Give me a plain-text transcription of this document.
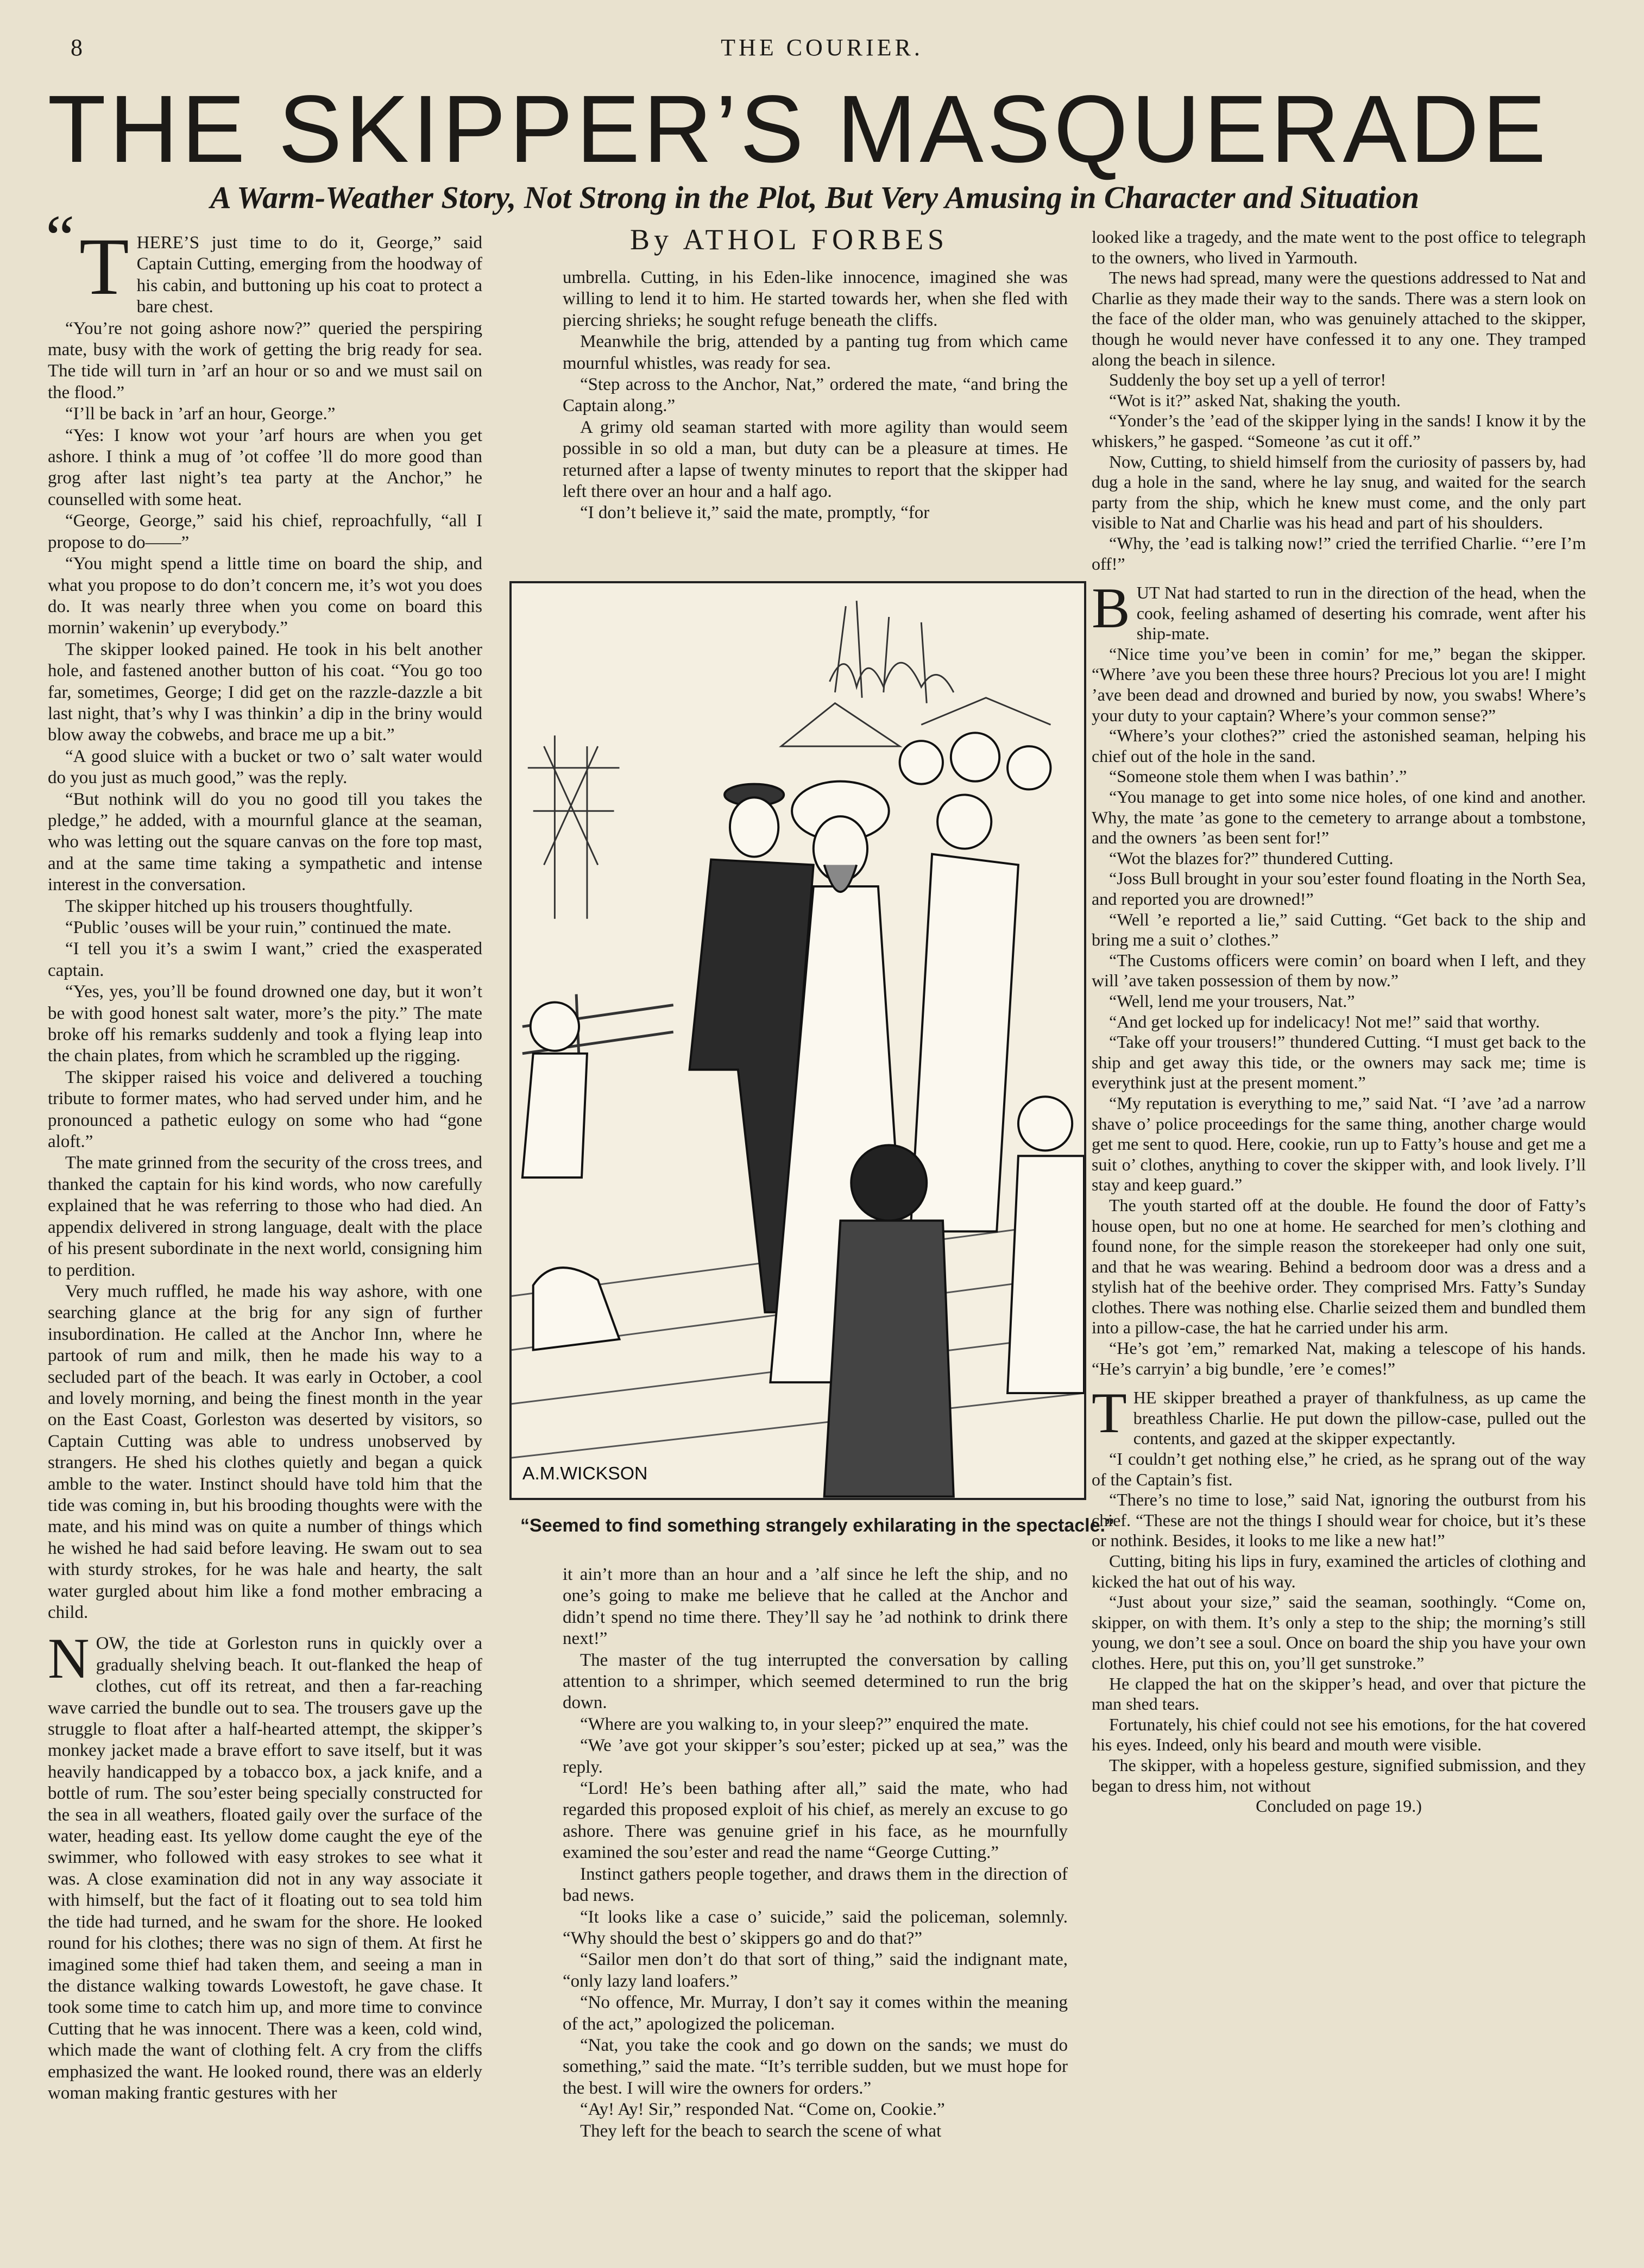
8	THE COURIER.
THE SKIPPER’S MASQUERADE
A Warm-Weather Story, Not Strong in the Plot, But Very Amusing in Character and Situation
By ATHOL FORBES

“ T HERE’S just time to do it, George,” said Captain Cutting, emerging from the hoodway of his cabin, and buttoning up his coat to protect a bare chest.

“You’re not going ashore now?” queried the perspiring mate, busy with the work of getting the brig ready for sea. The tide will turn in ’arf an hour or so and we must sail on the flood.”

“I’ll be back in ’arf an hour, George.”

“Yes: I know wot your ’arf hours are when you get ashore. I think a mug of ’ot coffee ’ll do more good than grog after last night’s tea party at the Anchor,” he counselled with some heat.

“George, George,” said his chief, reproachfully, “all I propose to do——”

“You might spend a little time on board the ship, and what you propose to do don’t concern me, it’s wot you does do. It was nearly three when you come on board this mornin’ wakenin’ up everybody.”

The skipper looked pained. He took in his belt another hole, and fastened another button of his coat. “You go too far, sometimes, George; I did get on the razzle-dazzle a bit last night, that’s why I was thinkin’ a dip in the briny would blow away the cobwebs, and brace me up a bit.”

“A good sluice with a bucket or two o’ salt water would do you just as much good,” was the reply.

“But nothink will do you no good till you takes the pledge,” he added, with a mournful glance at the seaman, who was letting out the square canvas on the fore top mast, and at the same time taking a sympathetic and intense interest in the conversation.

The skipper hitched up his trousers thoughtfully.

“Public ’ouses will be your ruin,” continued the mate.

“I tell you it’s a swim I want,” cried the exasperated captain.

“Yes, yes, you’ll be found drowned one day, but it won’t be with good honest salt water, more’s the pity.” The mate broke off his remarks suddenly and took a flying leap into the chain plates, from which he scrambled up the rigging.

The skipper raised his voice and delivered a touching tribute to former mates, who had served under him, and he pronounced a pathetic eulogy on some who had “gone aloft.”

The mate grinned from the security of the cross trees, and thanked the captain for his kind words, who now carefully explained that he was referring to those who had died. An appendix delivered in strong language, dealt with the place of his present subordinate in the next world, consigning him to perdition.

Very much ruffled, he made his way ashore, with one searching glance at the brig for any sign of further insubordination. He called at the Anchor Inn, where he partook of rum and milk, then he made his way to a secluded part of the beach. It was early in October, a cool and lovely morning, and being the finest month in the year on the East Coast, Gorleston was deserted by visitors, so Captain Cutting was able to undress unobserved by strangers. He shed his clothes quietly and began a quick amble to the water. Instinct should have told him that the tide was coming in, but his brooding thoughts were with the mate, and his mind was on quite a number of things which he wished he had said before leaving. He swam out to sea with sturdy strokes, for he was hale and hearty, the salt water gurgled about him like a fond mother embracing a child.

N OW, the tide at Gorleston runs in quickly over a gradually shelving beach. It out-flanked the heap of clothes, cut off its retreat, and then a far-reaching wave carried the bundle out to sea. The trousers gave up the struggle to float after a half-hearted attempt, the skipper’s monkey jacket made a brave effort to save itself, but it was heavily handicapped by a tobacco box, a jack knife, and a bottle of rum. The sou’ester being specially constructed for the sea in all weathers, floated gaily over the surface of the water, heading east. Its yellow dome caught the eye of the swimmer, who followed with easy strokes to see what it was. A close examination did not in any way associate it with himself, but the fact of it floating out to sea told him the tide had turned, and he swam for the shore. He looked round for his clothes; there was no sign of them. At first he imagined some thief had taken them, and seeing a man in the distance walking towards Lowestoft, he gave chase. It took some time to catch him up, and more time to convince Cutting that he was innocent. There was a keen, cold wind, which made the want of clothing felt. A cry from the cliffs emphasized the want. He looked round, there was an elderly woman making frantic gestures with her

umbrella. Cutting, in his Eden-like innocence, imagined she was willing to lend it to him. He started towards her, when she fled with piercing shrieks; he sought refuge beneath the cliffs.

Meanwhile the brig, attended by a panting tug from which came mournful whistles, was ready for sea.

“Step across to the Anchor, Nat,” ordered the mate, “and bring the Captain along.”

A grimy old seaman started with more agility than would seem possible in so old a man, but duty can be a pleasure at times. He returned after a lapse of twenty minutes to report that the skipper had left there over an hour and a half ago.

“I don’t believe it,” said the mate, promptly, “for

A.M.WICKSON
“Seemed to find something strangely exhilarating in the spectacle.”

it ain’t more than an hour and a ’alf since he left the ship, and no one’s going to make me believe that he called at the Anchor and didn’t spend no time there. They’ll say he ’ad nothink to drink there next!”

The master of the tug interrupted the conversation by calling attention to a shrimper, which seemed determined to run the brig down.

“Where are you walking to, in your sleep?” enquired the mate.

“We ’ave got your skipper’s sou’ester; picked up at sea,” was the reply.

“Lord! He’s been bathing after all,” said the mate, who had regarded this proposed exploit of his chief, as merely an excuse to go ashore. There was genuine grief in his face, as he mournfully examined the sou’ester and read the name “George Cutting.”

Instinct gathers people together, and draws them in the direction of bad news.

“It looks like a case o’ suicide,” said the policeman, solemnly. “Why should the best o’ skippers go and do that?”

“Sailor men don’t do that sort of thing,” said the indignant mate, “only lazy land loafers.”

“No offence, Mr. Murray, I don’t say it comes within the meaning of the act,” apologized the policeman.

“Nat, you take the cook and go down on the sands; we must do something,” said the mate. “It’s terrible sudden, but we must hope for the best. I will wire the owners for orders.”

“Ay! Ay! Sir,” responded Nat. “Come on, Cookie.”

They left for the beach to search the scene of what

looked like a tragedy, and the mate went to the post office to telegraph to the owners, who lived in Yarmouth.

The news had spread, many were the questions addressed to Nat and Charlie as they made their way to the sands. There was a stern look on the face of the older man, who was genuinely attached to the skipper, though he would never have confessed it to any one. They tramped along the beach in silence.

Suddenly the boy set up a yell of terror!

“Wot is it?” asked Nat, shaking the youth.

“Yonder’s the ’ead of the skipper lying in the sands! I know it by the whiskers,” he gasped. “Someone ’as cut it off.”

Now, Cutting, to shield himself from the curiosity of passers by, had dug a hole in the sand, where he lay snug, and waited for the search party from the ship, which he knew must come, and the only part visible to Nat and Charlie was his head and part of his shoulders.

“Why, the ’ead is talking now!” cried the terrified Charlie. “’ere I’m off!”

B UT Nat had started to run in the direction of the head, when the cook, feeling ashamed of deserting his comrade, went after his ship-mate.

“Nice time you’ve been in comin’ for me,” began the skipper. “Where ’ave you been these three hours? Precious lot you are! I might ’ave been dead and drowned and buried by now, you swabs! Where’s your duty to your captain? Where’s your common sense?”

“Where’s your clothes?” cried the astonished seaman, helping his chief out of the hole in the sand.

“Someone stole them when I was bathin’.”

“You manage to get into some nice holes, of one kind and another. Why, the mate ’as gone to the cemetery to arrange about a tombstone, and the owners ’as been sent for!”

“Wot the blazes for?” thundered Cutting.

“Joss Bull brought in your sou’ester found floating in the North Sea, and reported you are drowned!”

“Well ’e reported a lie,” said Cutting. “Get back to the ship and bring me a suit o’ clothes.”

“The Customs officers were comin’ on board when I left, and they will ’ave taken possession of them by now.”

“Well, lend me your trousers, Nat.”

“And get locked up for indelicacy! Not me!” said that worthy.

“Take off your trousers!” thundered Cutting. “I must get back to the ship and get away this tide, or the owners may sack me; time is everythink just at the present moment.”

“My reputation is everything to me,” said Nat. “I ’ave ’ad a narrow shave o’ police proceedings for the same thing, another charge would get me sent to quod. Here, cookie, run up to Fatty’s house and get me a suit o’ clothes, anything to cover the skipper with, and look lively. I’ll stay and keep guard.”

The youth started off at the double. He found the door of Fatty’s house open, but no one at home. He searched for men’s clothing and found none, for the simple reason the storekeeper had only one suit, and that he was wearing. Behind a bedroom door was a dress and a stylish hat of the beehive order. They comprised Mrs. Fatty’s Sunday clothes. There was nothing else. Charlie seized them and bundled them into a pillow-case, the hat he carried under his arm.

“He’s got ’em,” remarked Nat, making a telescope of his hands. “He’s carryin’ a big bundle, ’ere ’e comes!”

T HE skipper breathed a prayer of thankfulness, as up came the breathless Charlie. He put down the pillow-case, pulled out the contents, and gazed at the skipper expectantly.

“I couldn’t get nothing else,” he cried, as he sprang out of the way of the Captain’s fist.

“There’s no time to lose,” said Nat, ignoring the outburst from his chief. “These are not the things I should wear for choice, but it’s these or nothink. Besides, it looks to me like a new hat!”

Cutting, biting his lips in fury, examined the articles of clothing and kicked the hat out of his way.

“Just about your size,” said the seaman, soothingly. “Come on, skipper, on with them. It’s only a step to the ship; the morning’s still young, we don’t see a soul. Once on board the ship you have your own clothes. Here, put this on, you’ll get sunstroke.”

He clapped the hat on the skipper’s head, and over that picture the man shed tears.

Fortunately, his chief could not see his emotions, for the hat covered his eyes. Indeed, only his beard and mouth were visible.

The skipper, with a hopeless gesture, signified submission, and they began to dress him, not without

Concluded on page 19.)
